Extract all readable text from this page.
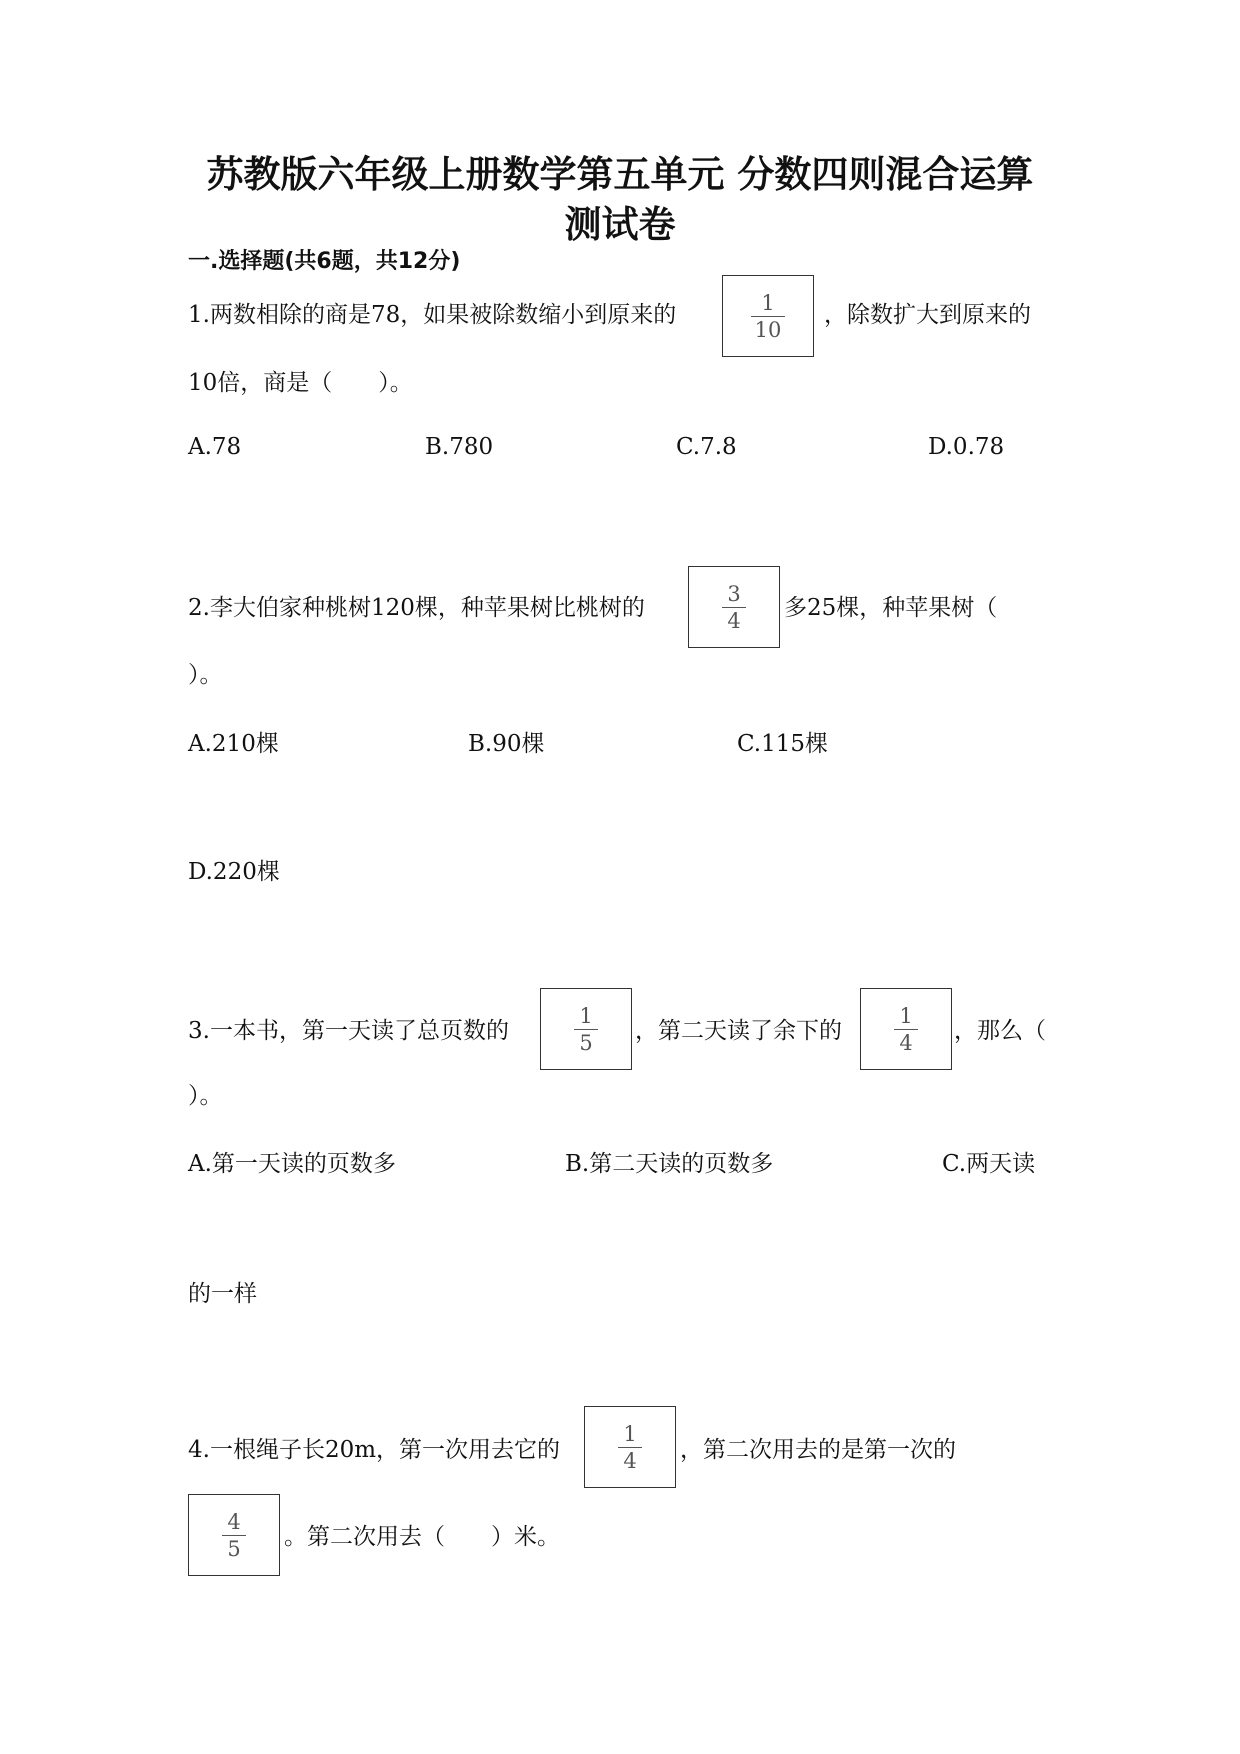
苏教版六年级上册数学第五单元 分数四则混合运算
测试卷
一.选择题(共6题，共12分)
1.两数相除的商是78，如果被除数缩小到原来的	1
10
，除数扩大到原来的
10倍，商是（　　）。
A.78	B.780	C.7.8	D.0.78
2.李大伯家种桃树120棵，种苹果树比桃树的
3
4 多25棵，种苹果树（
）。
A.210棵	B.90棵	C.115棵
D.220棵
3.一本书，第一天读了总页数的
1
5 ，第二天读了余下的
1
4 ，那么（
）。
A.第一天读的页数多	B.第二天读的页数多	C.两天读
的一样
4.一根绳子长20m，第一次用去它的
1
4 ，第二次用去的是第一次的
4
5 。第二次用去（　　）米。
